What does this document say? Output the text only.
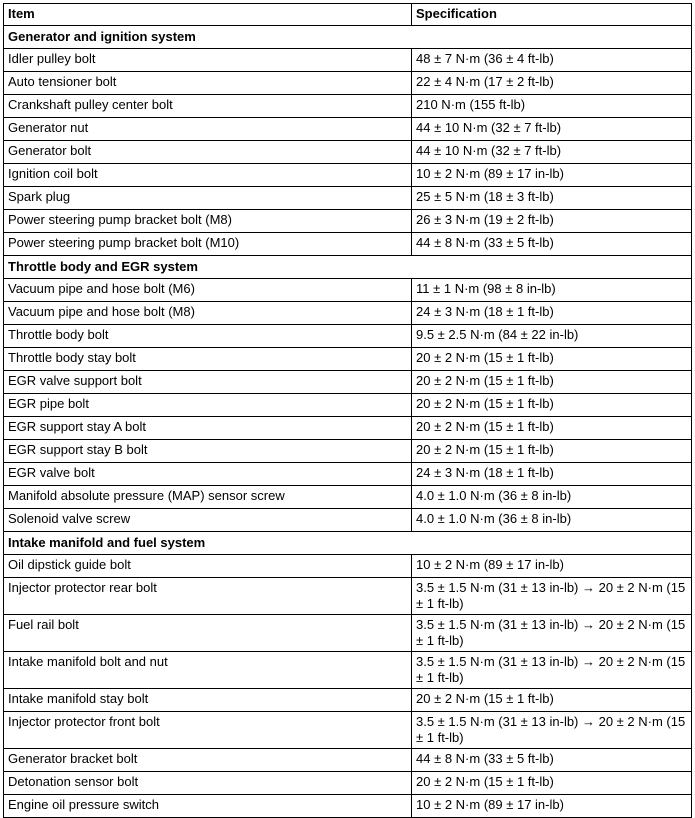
Item	Specification
Generator and ignition system	
Idler pulley bolt	48 ± 7 N·m (36 ± 4 ft-lb)
Auto tensioner bolt	22 ± 4 N·m (17 ± 2 ft-lb)
Crankshaft pulley center bolt	210 N·m (155 ft-lb)
Generator nut	44 ± 10 N·m (32 ± 7 ft-lb)
Generator bolt	44 ± 10 N·m (32 ± 7 ft-lb)
Ignition coil bolt	10 ± 2 N·m (89 ± 17 in-lb)
Spark plug	25 ± 5 N·m (18 ± 3 ft-lb)
Power steering pump bracket bolt (M8)	26 ± 3 N·m (19 ± 2 ft-lb)
Power steering pump bracket bolt (M10)	44 ± 8 N·m (33 ± 5 ft-lb)
Throttle body and EGR system	
Vacuum pipe and hose bolt (M6)	11 ± 1 N·m (98 ± 8 in-lb)
Vacuum pipe and hose bolt (M8)	24 ± 3 N·m (18 ± 1 ft-lb)
Throttle body bolt	9.5 ± 2.5 N·m (84 ± 22 in-lb)
Throttle body stay bolt	20 ± 2 N·m (15 ± 1 ft-lb)
EGR valve support bolt	20 ± 2 N·m (15 ± 1 ft-lb)
EGR pipe bolt	20 ± 2 N·m (15 ± 1 ft-lb)
EGR support stay A bolt	20 ± 2 N·m (15 ± 1 ft-lb)
EGR support stay B bolt	20 ± 2 N·m (15 ± 1 ft-lb)
EGR valve bolt	24 ± 3 N·m (18 ± 1 ft-lb)
Manifold absolute pressure (MAP) sensor screw	4.0 ± 1.0 N·m (36 ± 8 in-lb)
Solenoid valve screw	4.0 ± 1.0 N·m (36 ± 8 in-lb)
Intake manifold and fuel system	
Oil dipstick guide bolt	10 ± 2 N·m (89 ± 17 in-lb)
Injector protector rear bolt	3.5 ± 1.5 N·m (31 ± 13 in-lb) → 20 ± 2 N·m (15 ± 1 ft-lb)
Fuel rail bolt	3.5 ± 1.5 N·m (31 ± 13 in-lb) → 20 ± 2 N·m (15 ± 1 ft-lb)
Intake manifold bolt and nut	3.5 ± 1.5 N·m (31 ± 13 in-lb) → 20 ± 2 N·m (15 ± 1 ft-lb)
Intake manifold stay bolt	20 ± 2 N·m (15 ± 1 ft-lb)
Injector protector front bolt	3.5 ± 1.5 N·m (31 ± 13 in-lb) → 20 ± 2 N·m (15 ± 1 ft-lb)
Generator bracket bolt	44 ± 8 N·m (33 ± 5 ft-lb)
Detonation sensor bolt	20 ± 2 N·m (15 ± 1 ft-lb)
Engine oil pressure switch	10 ± 2 N·m (89 ± 17 in-lb)
